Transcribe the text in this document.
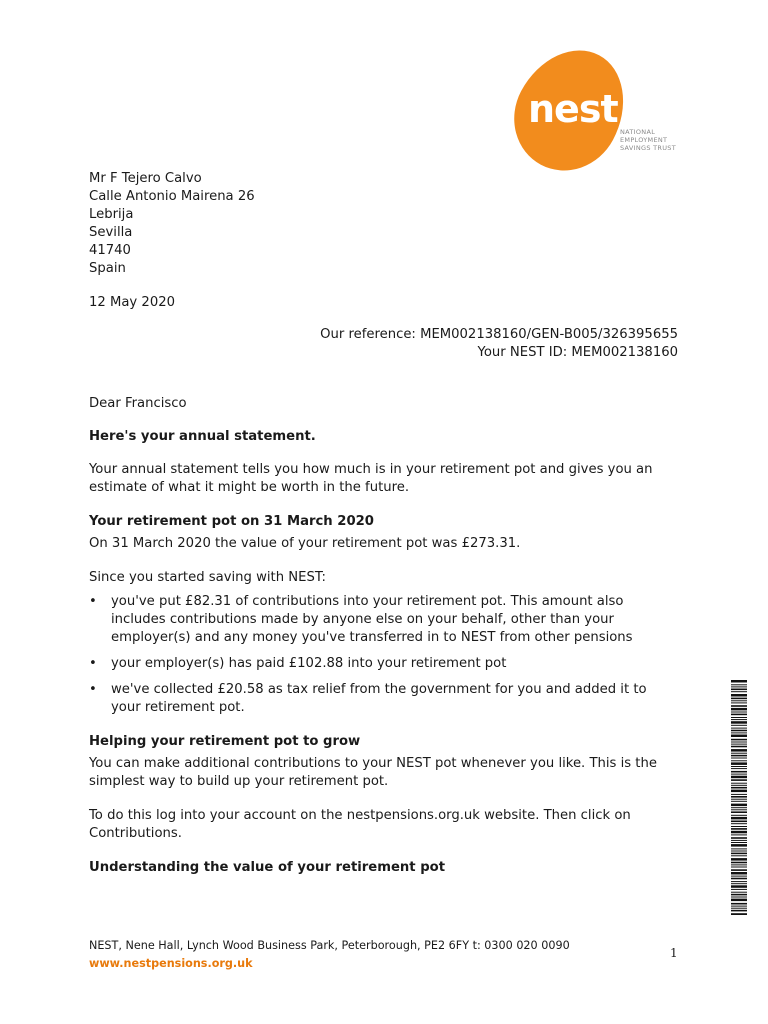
nest
NATIONAL
EMPLOYMENT
SAVINGS TRUST
Mr F Tejero Calvo
Calle Antonio Mairena 26
Lebrija
Sevilla
41740
Spain
12 May 2020
Our reference: MEM002138160/GEN-B005/326395655
Your NEST ID: MEM002138160
Dear Francisco
Here's your annual statement.
Your annual statement tells you how much is in your retirement pot and gives you an estimate of what it might be worth in the future.
Your retirement pot on 31 March 2020
On 31 March 2020 the value of your retirement pot was £273.31.
Since you started saving with NEST:
• you've put £82.31 of contributions into your retirement pot. This amount also includes contributions made by anyone else on your behalf, other than your employer(s) and any money you've transferred in to NEST from other pensions
• your employer(s) has paid £102.88 into your retirement pot
• we've collected £20.58 as tax relief from the government for you and added it to your retirement pot.
Helping your retirement pot to grow
You can make additional contributions to your NEST pot whenever you like. This is the simplest way to build up your retirement pot.
To do this log into your account on the nestpensions.org.uk website. Then click on Contributions.
Understanding the value of your retirement pot
NEST, Nene Hall, Lynch Wood Business Park, Peterborough, PE2 6FY t: 0300 020 0090
www.nestpensions.org.uk
1
